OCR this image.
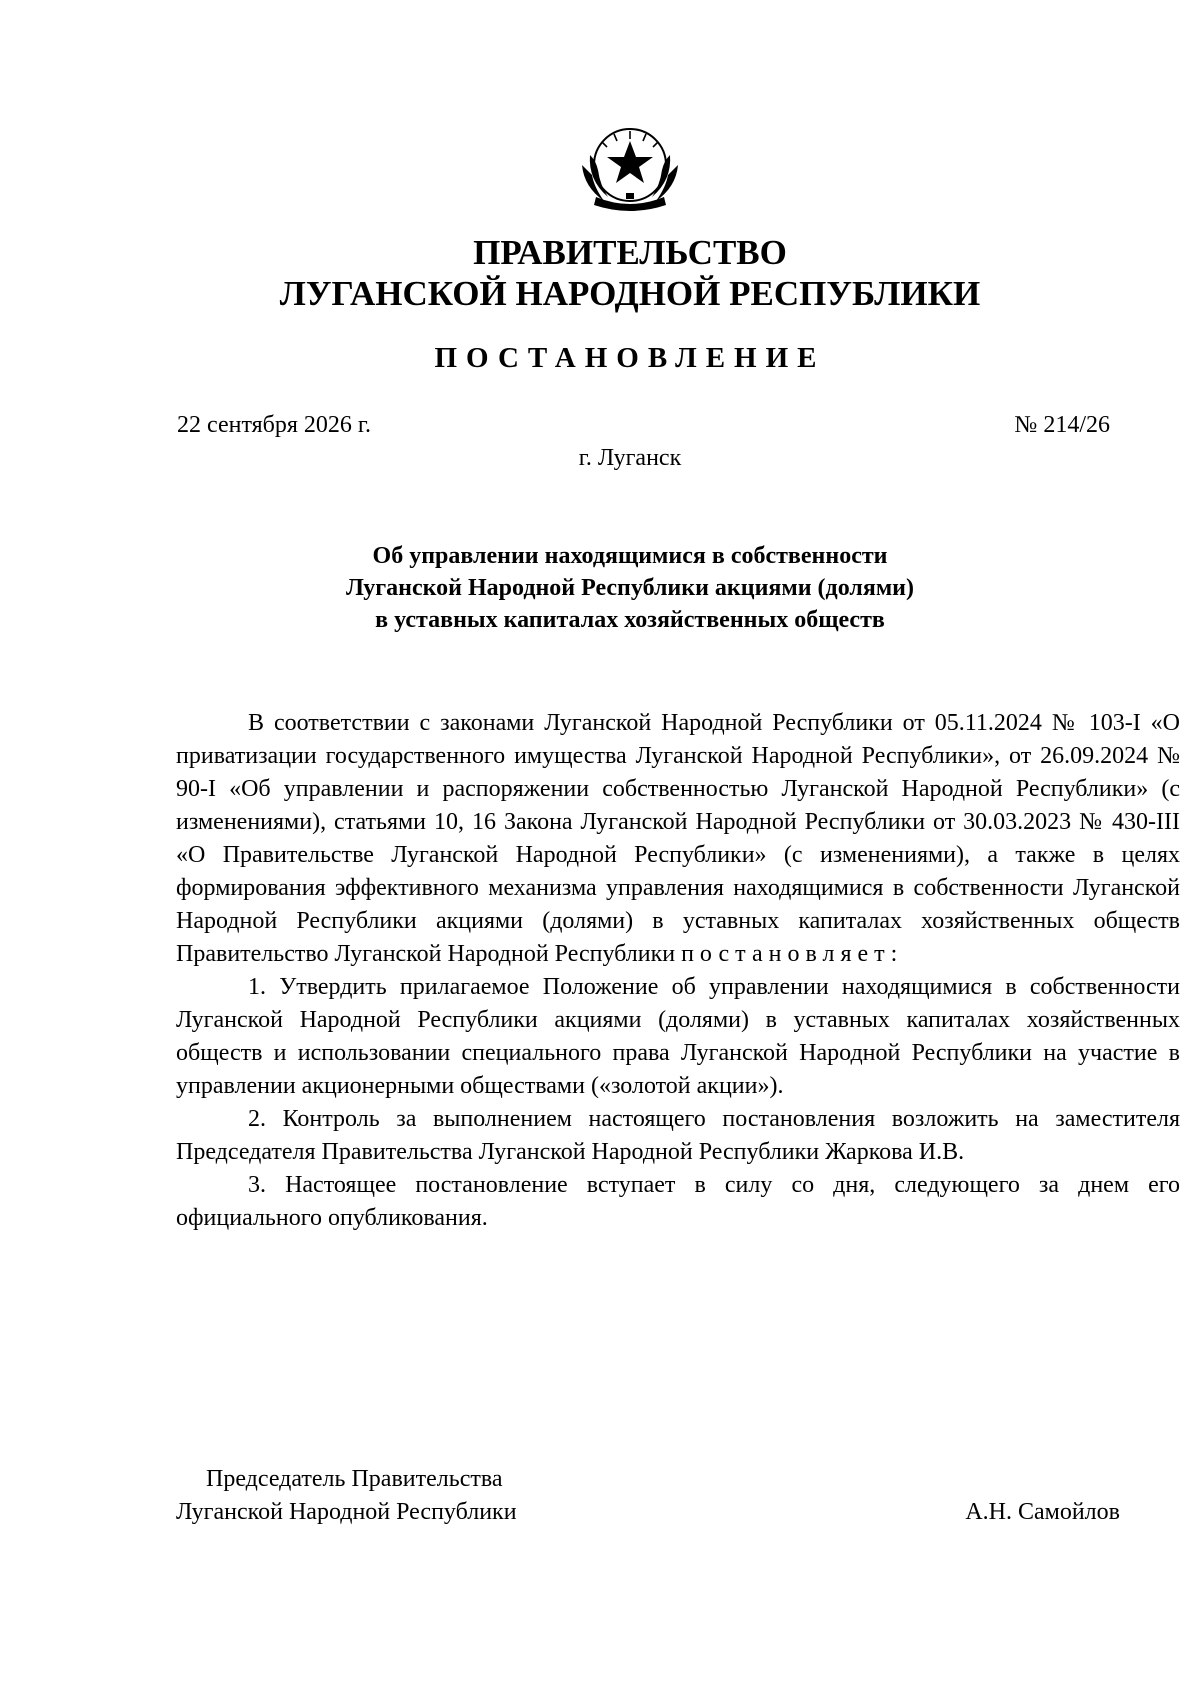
ПРАВИТЕЛЬСТВО
ЛУГАНСКОЙ НАРОДНОЙ РЕСПУБЛИКИ
ПОСТАНОВЛЕНИЕ
22 сентября 2026 г.	№ 214/26
г. Луганск
Об управлении находящимися в собственности
Луганской Народной Республики акциями (долями)
в уставных капиталах хозяйственных обществ

В соответствии с законами Луганской Народной Республики от 05.11.2024 № 103-I «О приватизации государственного имущества Луганской Народной Республики», от 26.09.2024 № 90-I «Об управлении и распоряжении собственностью Луганской Народной Республики» (с изменениями), статьями 10, 16 Закона Луганской Народной Республики от 30.03.2023 № 430-III «О Правительстве Луганской Народной Республики» (с изменениями), а также в целях формирования эффективного механизма управления находящимися в собственности Луганской Народной Республики акциями (долями) в уставных капиталах хозяйственных обществ Правительство Луганской Народной Республики постановляет:

1. Утвердить прилагаемое Положение об управлении находящимися в собственности Луганской Народной Республики акциями (долями) в уставных капиталах хозяйственных обществ и использовании специального права Луганской Народной Республики на участие в управлении акционерными обществами («золотой акции»).

2. Контроль за выполнением настоящего постановления возложить на заместителя Председателя Правительства Луганской Народной Республики Жаркова И.В.

3. Настоящее постановление вступает в силу со дня, следующего за днем его официального опубликования.

Председатель Правительства
Луганской Народной Республики	А.Н. Самойлов
